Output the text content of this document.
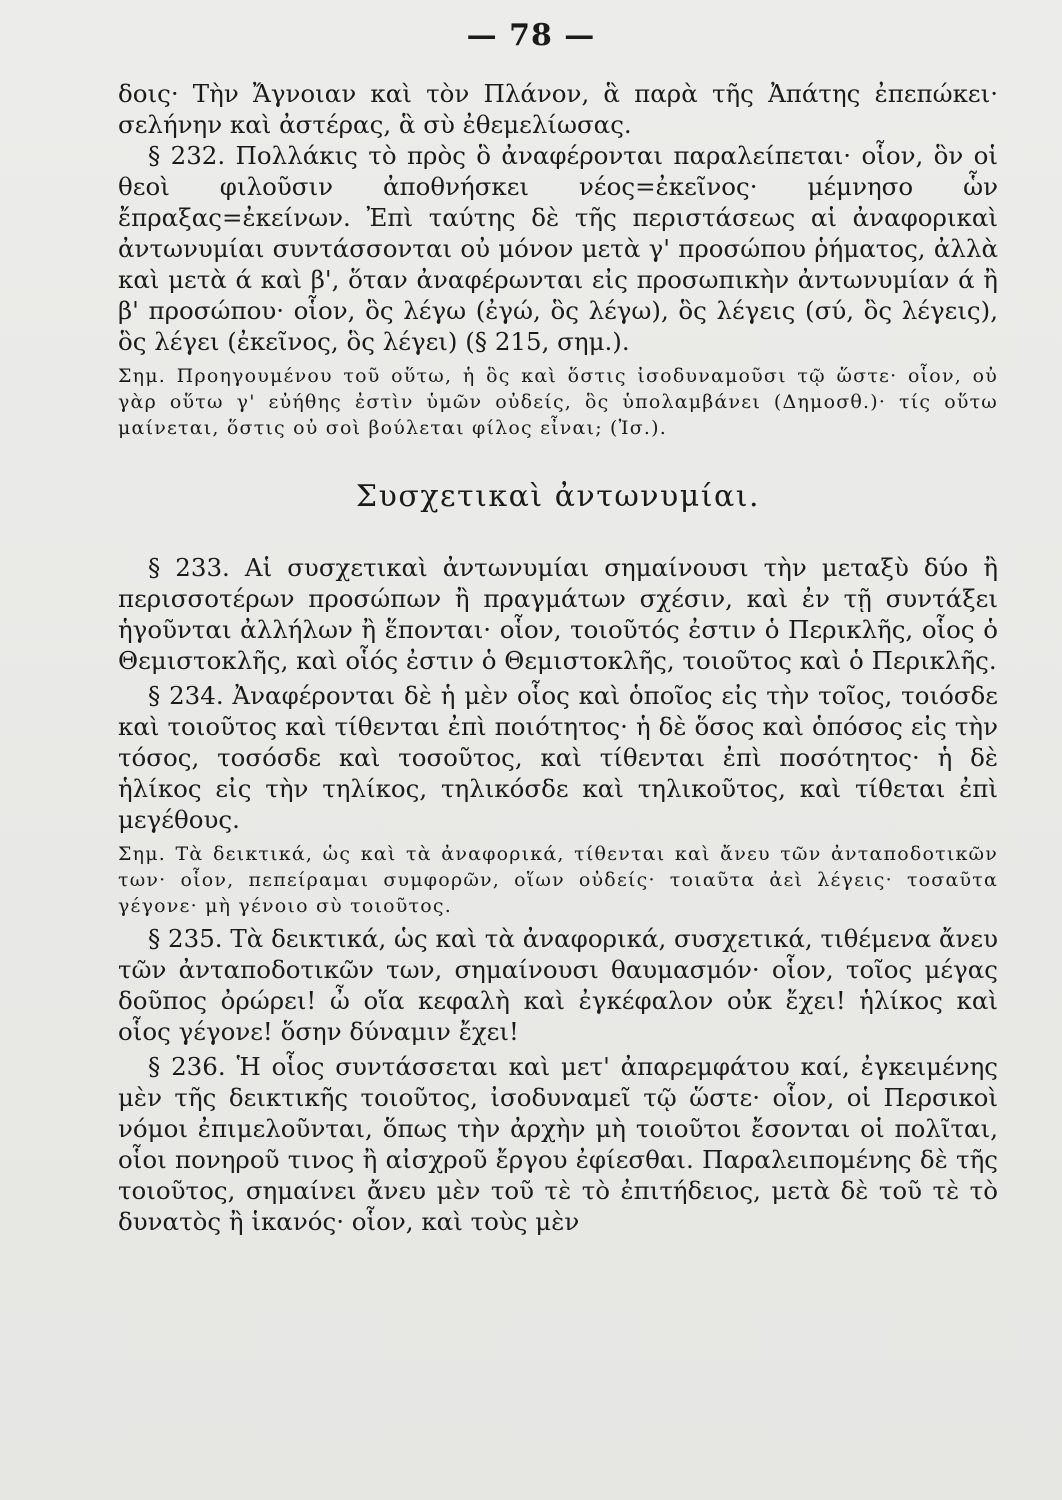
— 78 —

δοις· Τὴν Ἄγνοιαν καὶ τὸν Πλάνον, ἃ παρὰ τῆς Ἀπάτης ἐπεπώκει· σελήνην καὶ ἀστέρας, ἃ σὺ ἐθεμελίωσας.

§ 232. Πολλάκις τὸ πρὸς ὃ ἀναφέρονται παραλείπεται· οἷον, ὃν οἱ θεοὶ φιλοῦσιν ἀποθνήσκει νέος=ἐκεῖνος· μέμνησο ὧν ἔπραξας=ἐκείνων. Ἐπὶ ταύτης δὲ τῆς περιστάσεως αἱ ἀναφορικαὶ ἀντωνυμίαι συντάσσονται οὐ μόνον μετὰ γ' προσώπου ῥήματος, ἀλλὰ καὶ μετὰ ά καὶ β', ὅταν ἀναφέρωνται εἰς προσωπικὴν ἀντωνυμίαν ά ἢ β' προσώπου· οἷον, ὃς λέγω (ἐγώ, ὃς λέγω), ὃς λέγεις (σύ, ὃς λέγεις), ὃς λέγει (ἐκεῖνος, ὃς λέγει) (§ 215, σημ.).

Σημ. Προηγουμένου τοῦ οὕτω, ἡ ὃς καὶ ὅστις ἰσοδυναμοῦσι τῷ ὥστε· οἷον, οὐ γὰρ οὕτω γ' εὐήθης ἐστὶν ὑμῶν οὐδείς, ὃς ὑπολαμβάνει (Δημοσθ.)· τίς οὕτω μαίνεται, ὅστις οὐ σοὶ βούλεται φίλος εἶναι; (Ἰσ.).

Συσχετικαὶ ἀντωνυμίαι.

§ 233. Αἱ συσχετικαὶ ἀντωνυμίαι σημαίνουσι τὴν μεταξὺ δύο ἢ περισσοτέρων προσώπων ἢ πραγμάτων σχέσιν, καὶ ἐν τῇ συντάξει ἡγοῦνται ἀλλήλων ἢ ἕπονται· οἷον, τοιοῦτός ἐστιν ὁ Περικλῆς, οἷος ὁ Θεμιστοκλῆς, καὶ οἷός ἐστιν ὁ Θεμιστοκλῆς, τοιοῦτος καὶ ὁ Περικλῆς.

§ 234. Ἀναφέρονται δὲ ἡ μὲν οἷος καὶ ὁποῖος εἰς τὴν τοῖος, τοιόσδε καὶ τοιοῦτος καὶ τίθενται ἐπὶ ποιότητος· ἡ δὲ ὅσος καὶ ὁπόσος εἰς τὴν τόσος, τοσόσδε καὶ τοσοῦτος, καὶ τίθενται ἐπὶ ποσότητος· ἡ δὲ ἡλίκος εἰς τὴν τηλίκος, τηλικόσδε καὶ τηλικοῦτος, καὶ τίθεται ἐπὶ μεγέθους.

Σημ. Τὰ δεικτικά, ὡς καὶ τὰ ἀναφορικά, τίθενται καὶ ἄνευ τῶν ἀνταποδοτικῶν των· οἷον, πεπείραμαι συμφορῶν, οἵων οὐδείς· τοιαῦτα ἀεὶ λέγεις· τοσαῦτα γέγονε· μὴ γένοιο σὺ τοιοῦτος.

§ 235. Τὰ δεικτικά, ὡς καὶ τὰ ἀναφορικά, συσχετικά, τιθέμενα ἄνευ τῶν ἀνταποδοτικῶν των, σημαίνουσι θαυμασμόν· οἷον, τοῖος μέγας δοῦπος ὀρώρει! ὦ οἵα κεφαλὴ καὶ ἐγκέφαλον οὐκ ἔχει! ἡλίκος καὶ οἷος γέγονε! ὅσην δύναμιν ἔχει!

§ 236. Ἡ οἷος συντάσσεται καὶ μετ' ἀπαρεμφάτου καί, ἐγκειμένης μὲν τῆς δεικτικῆς τοιοῦτος, ἰσοδυναμεῖ τῷ ὥστε· οἷον, οἱ Περσικοὶ νόμοι ἐπιμελοῦνται, ὅπως τὴν ἀρχὴν μὴ τοιοῦτοι ἔσονται οἱ πολῖται, οἷοι πονηροῦ τινος ἢ αἰσχροῦ ἔργου ἐφίεσθαι. Παραλειπομένης δὲ τῆς τοιοῦτος, σημαίνει ἄνευ μὲν τοῦ τὲ τὸ ἐπιτήδειος, μετὰ δὲ τοῦ τὲ τὸ δυνατὸς ἢ ἱκανός· οἷον, καὶ τοὺς μὲν
